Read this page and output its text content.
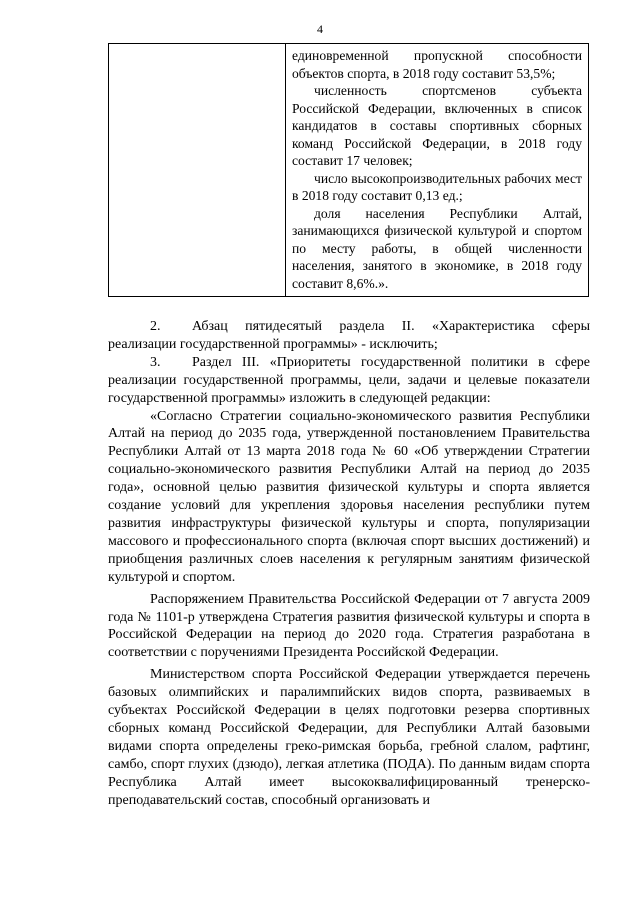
4

единовременной пропускной способности объектов спорта, в 2018 году составит 53,5%;
численность спортсменов субъекта Российской Федерации, включенных в список кандидатов в составы спортивных сборных команд Российской Федерации, в 2018 году составит 17 человек;
число высокопроизводительных рабочих мест в 2018 году составит 0,13 ед.;
доля населения Республики Алтай, занимающихся физической культурой и спортом по месту работы, в общей численности населения, занятого в экономике, в 2018 году составит 8,6%.».

2. Абзац пятидесятый раздела II. «Характеристика сферы реализации государственной программы» - исключить;

3. Раздел III. «Приоритеты государственной политики в сфере реализации государственной программы, цели, задачи и целевые показатели государственной программы» изложить в следующей редакции:

«Согласно Стратегии социально-экономического развития Республики Алтай на период до 2035 года, утвержденной постановлением Правительства Республики Алтай от 13 марта 2018 года № 60 «Об утверждении Стратегии социально-экономического развития Республики Алтай на период до 2035 года», основной целью развития физической культуры и спорта является создание условий для укрепления здоровья населения республики путем развития инфраструктуры физической культуры и спорта, популяризации массового и профессионального спорта (включая спорт высших достижений) и приобщения различных слоев населения к регулярным занятиям физической культурой и спортом.

Распоряжением Правительства Российской Федерации от 7 августа 2009 года № 1101-р утверждена Стратегия развития физической культуры и спорта в Российской Федерации на период до 2020 года. Стратегия разработана в соответствии с поручениями Президента Российской Федерации.

Министерством спорта Российской Федерации утверждается перечень базовых олимпийских и паралимпийских видов спорта, развиваемых в субъектах Российской Федерации в целях подготовки резерва спортивных сборных команд Российской Федерации, для Республики Алтай базовыми видами спорта определены греко-римская борьба, гребной слалом, рафтинг, самбо, спорт глухих (дзюдо), легкая атлетика (ПОДА). По данным видам спорта Республика Алтай имеет высококвалифицированный тренерско-преподавательский состав, способный организовать и
